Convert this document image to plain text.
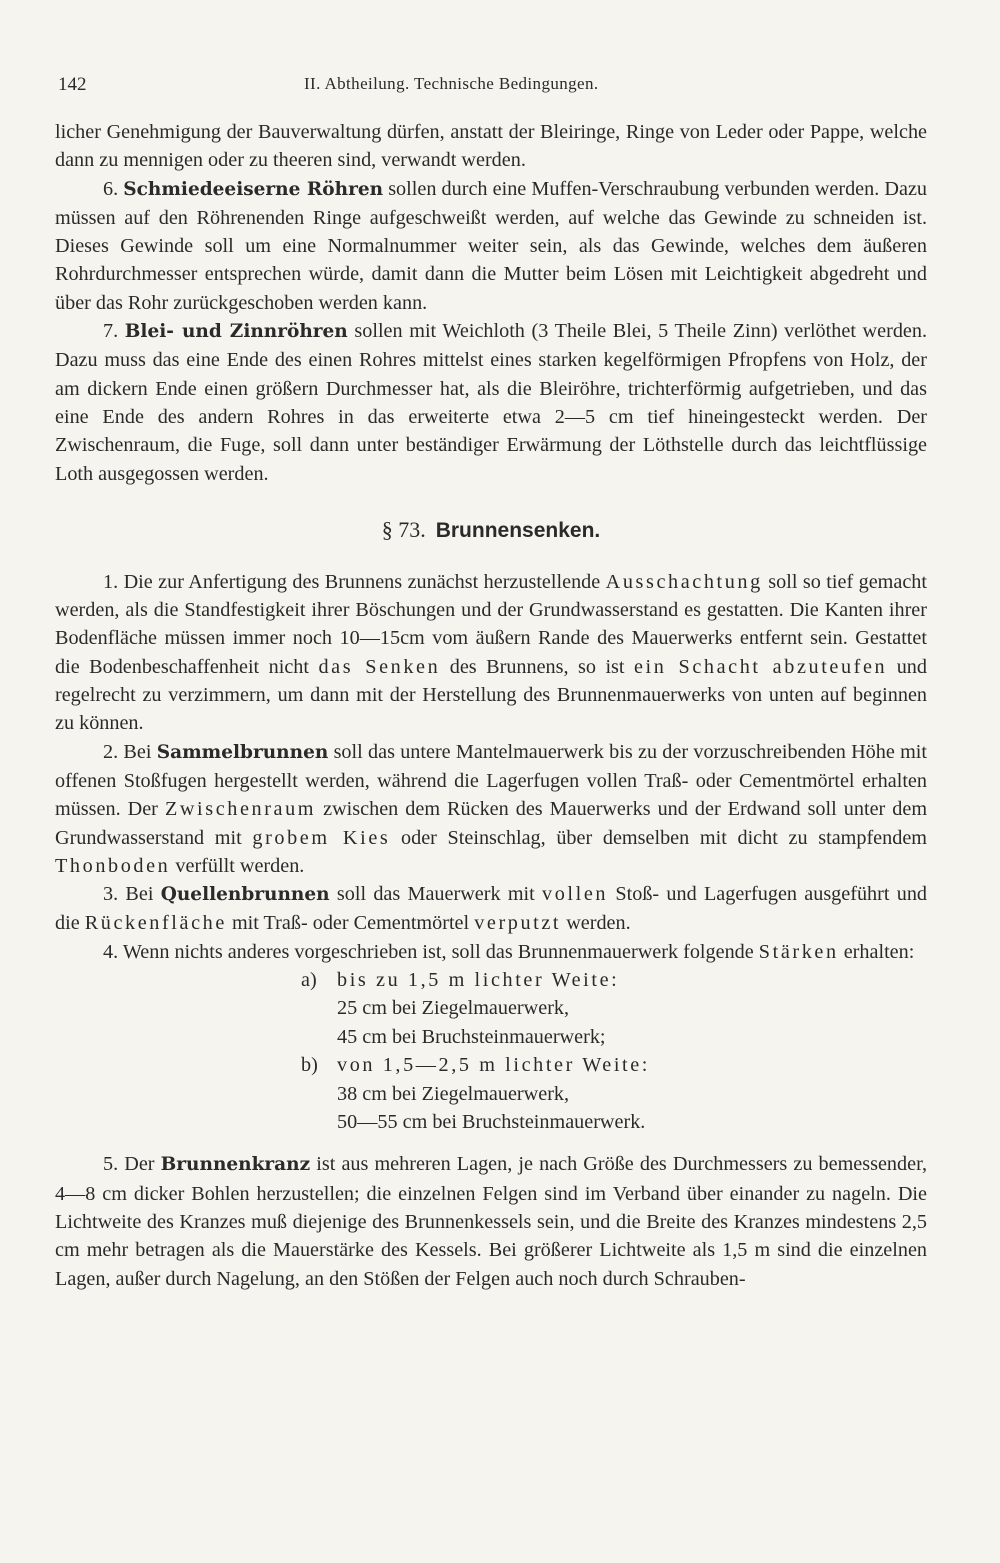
142	II. Abtheilung. Technische Bedingungen.

licher Genehmigung der Bauverwaltung dürfen, anstatt der Bleiringe, Ringe von Leder oder Pappe, welche dann zu mennigen oder zu theeren sind, verwandt werden.

6. Schmiedeeiserne Röhren sollen durch eine Muffen-Verschraubung verbunden werden. Dazu müssen auf den Röhrenenden Ringe aufgeschweißt werden, auf welche das Gewinde zu schneiden ist. Dieses Gewinde soll um eine Normalnummer weiter sein, als das Gewinde, welches dem äußeren Rohrdurchmesser entsprechen würde, damit dann die Mutter beim Lösen mit Leichtigkeit abgedreht und über das Rohr zurückgeschoben werden kann.

7. Blei- und Zinnröhren sollen mit Weichloth (3 Theile Blei, 5 Theile Zinn) verlöthet werden. Dazu muss das eine Ende des einen Rohres mittelst eines starken kegelförmigen Pfropfens von Holz, der am dickern Ende einen größern Durchmesser hat, als die Bleiröhre, trichterförmig aufgetrieben, und das eine Ende des andern Rohres in das erweiterte etwa 2—5 cm tief hineingesteckt werden. Der Zwischenraum, die Fuge, soll dann unter beständiger Erwärmung der Löthstelle durch das leichtflüssige Loth ausgegossen werden.

§ 73. Brunnensenken.

1. Die zur Anfertigung des Brunnens zunächst herzustellende Ausschachtung soll so tief gemacht werden, als die Standfestigkeit ihrer Böschungen und der Grundwasserstand es gestatten. Die Kanten ihrer Bodenfläche müssen immer noch 10—15cm vom äußern Rande des Mauerwerks entfernt sein. Gestattet die Bodenbeschaffenheit nicht das Senken des Brunnens, so ist ein Schacht abzuteufen und regelrecht zu verzimmern, um dann mit der Herstellung des Brunnenmauerwerks von unten auf beginnen zu können.

2. Bei Sammelbrunnen soll das untere Mantelmauerwerk bis zu der vorzuschreibenden Höhe mit offenen Stoßfugen hergestellt werden, während die Lagerfugen vollen Traß- oder Cementmörtel erhalten müssen. Der Zwischenraum zwischen dem Rücken des Mauerwerks und der Erdwand soll unter dem Grundwasserstand mit grobem Kies oder Steinschlag, über demselben mit dicht zu stampfendem Thonboden verfüllt werden.

3. Bei Quellenbrunnen soll das Mauerwerk mit vollen Stoß- und Lagerfugen ausgeführt und die Rückenfläche mit Traß- oder Cementmörtel verputzt werden.

4. Wenn nichts anderes vorgeschrieben ist, soll das Brunnenmauerwerk folgende Stärken erhalten:

a) bis zu 1,5 m lichter Weite:
25 cm bei Ziegelmauerwerk,
45 cm bei Bruchsteinmauerwerk;
b) von 1,5—2,5 m lichter Weite:
38 cm bei Ziegelmauerwerk,
50—55 cm bei Bruchsteinmauerwerk.

5. Der Brunnenkranz ist aus mehreren Lagen, je nach Größe des Durchmessers zu bemessender, 4—8 cm dicker Bohlen herzustellen; die einzelnen Felgen sind im Verband über einander zu nageln. Die Lichtweite des Kranzes muß diejenige des Brunnenkessels sein, und die Breite des Kranzes mindestens 2,5 cm mehr betragen als die Mauerstärke des Kessels. Bei größerer Lichtweite als 1,5 m sind die einzelnen Lagen, außer durch Nagelung, an den Stößen der Felgen auch noch durch Schrauben-
